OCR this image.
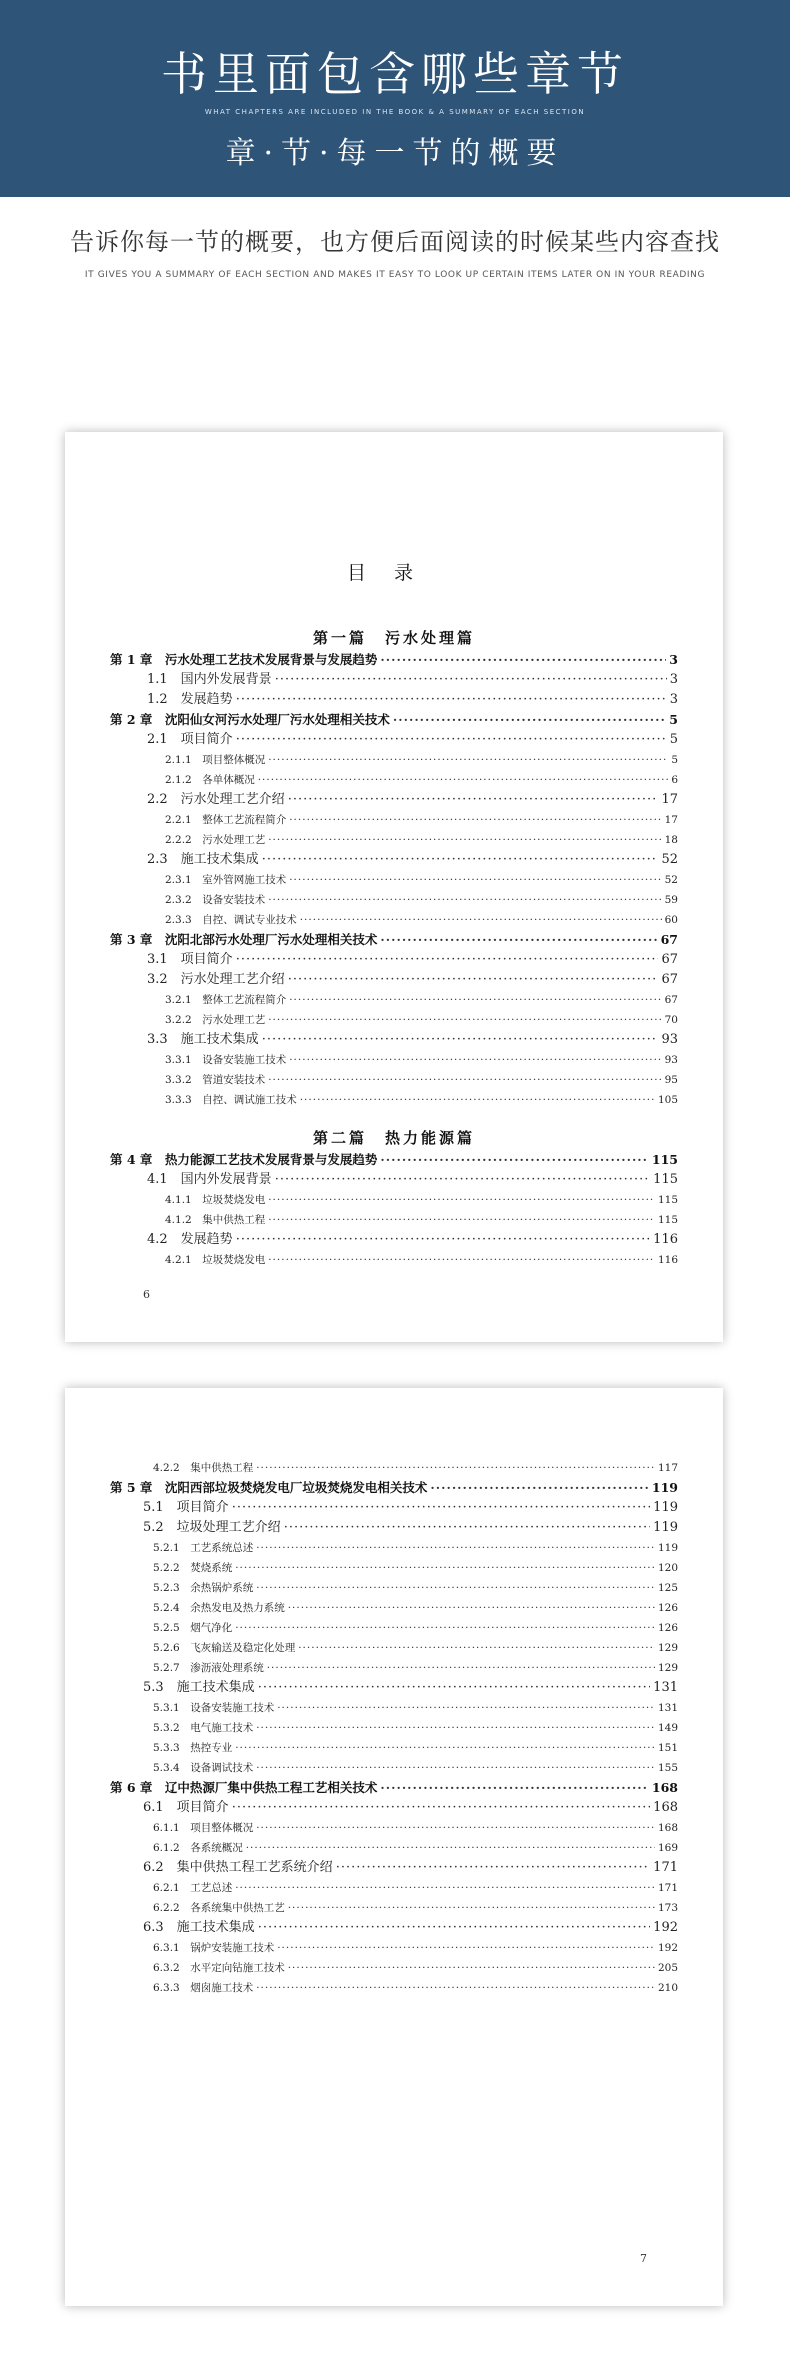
书里面包含哪些章节
WHAT CHAPTERS ARE INCLUDED IN THE BOOK & A SUMMARY OF EACH SECTION
章·节·每一节的概要
告诉你每一节的概要，也方便后面阅读的时候某些内容查找
IT GIVES YOU A SUMMARY OF EACH SECTION AND MAKES IT EASY TO LOOK UP CERTAIN ITEMS LATER ON IN YOUR READING
目录
第一篇　污水处理篇
第二篇　热力能源篇
第 1 章　污水处理工艺技术发展背景与发展趋势 ·····	3
1.1　国内外发展背景 ·····	3
1.2　发展趋势 ·····	3
第 2 章　沈阳仙女河污水处理厂污水处理相关技术 ·····	5
2.1　项目简介 ·····	5
2.1.1　项目整体概况 ·····	5
2.1.2　各单体概况 ·····	6
2.2　污水处理工艺介绍 ·····	17
2.2.1　整体工艺流程简介 ·····	17
2.2.2　污水处理工艺 ·····	18
2.3　施工技术集成 ·····	52
2.3.1　室外管网施工技术 ·····	52
2.3.2　设备安装技术 ·····	59
2.3.3　自控、调试专业技术 ·····	60
第 3 章　沈阳北部污水处理厂污水处理相关技术 ·····	67
3.1　项目简介 ·····	67
3.2　污水处理工艺介绍 ·····	67
3.2.1　整体工艺流程简介 ·····	67
3.2.2　污水处理工艺 ·····	70
3.3　施工技术集成 ·····	93
3.3.1　设备安装施工技术 ·····	93
3.3.2　管道安装技术 ·····	95
3.3.3　自控、调试施工技术 ·····	105
第 4 章　热力能源工艺技术发展背景与发展趋势 ·····	115
4.1　国内外发展背景 ·····	115
4.1.1　垃圾焚烧发电 ·····	115
4.1.2　集中供热工程 ·····	115
4.2　发展趋势 ·····	116
4.2.1　垃圾焚烧发电 ·····	116
6
4.2.2　集中供热工程 ·····	117
第 5 章　沈阳西部垃圾焚烧发电厂垃圾焚烧发电相关技术 ·····	119
5.1　项目简介 ·····	119
5.2　垃圾处理工艺介绍 ·····	119
5.2.1　工艺系统总述 ·····	119
5.2.2　焚烧系统 ·····	120
5.2.3　余热锅炉系统 ·····	125
5.2.4　余热发电及热力系统 ·····	126
5.2.5　烟气净化 ·····	126
5.2.6　飞灰输送及稳定化处理 ·····	129
5.2.7　渗沥液处理系统 ·····	129
5.3　施工技术集成 ·····	131
5.3.1　设备安装施工技术 ·····	131
5.3.2　电气施工技术 ·····	149
5.3.3　热控专业 ·····	151
5.3.4　设备调试技术 ·····	155
第 6 章　辽中热源厂集中供热工程工艺相关技术 ·····	168
6.1　项目简介 ·····	168
6.1.1　项目整体概况 ·····	168
6.1.2　各系统概况 ·····	169
6.2　集中供热工程工艺系统介绍 ·····	171
6.2.1　工艺总述 ·····	171
6.2.2　各系统集中供热工艺 ·····	173
6.3　施工技术集成 ·····	192
6.3.1　锅炉安装施工技术 ·····	192
6.3.2　水平定向钻施工技术 ·····	205
6.3.3　烟囱施工技术 ·····	210
7
